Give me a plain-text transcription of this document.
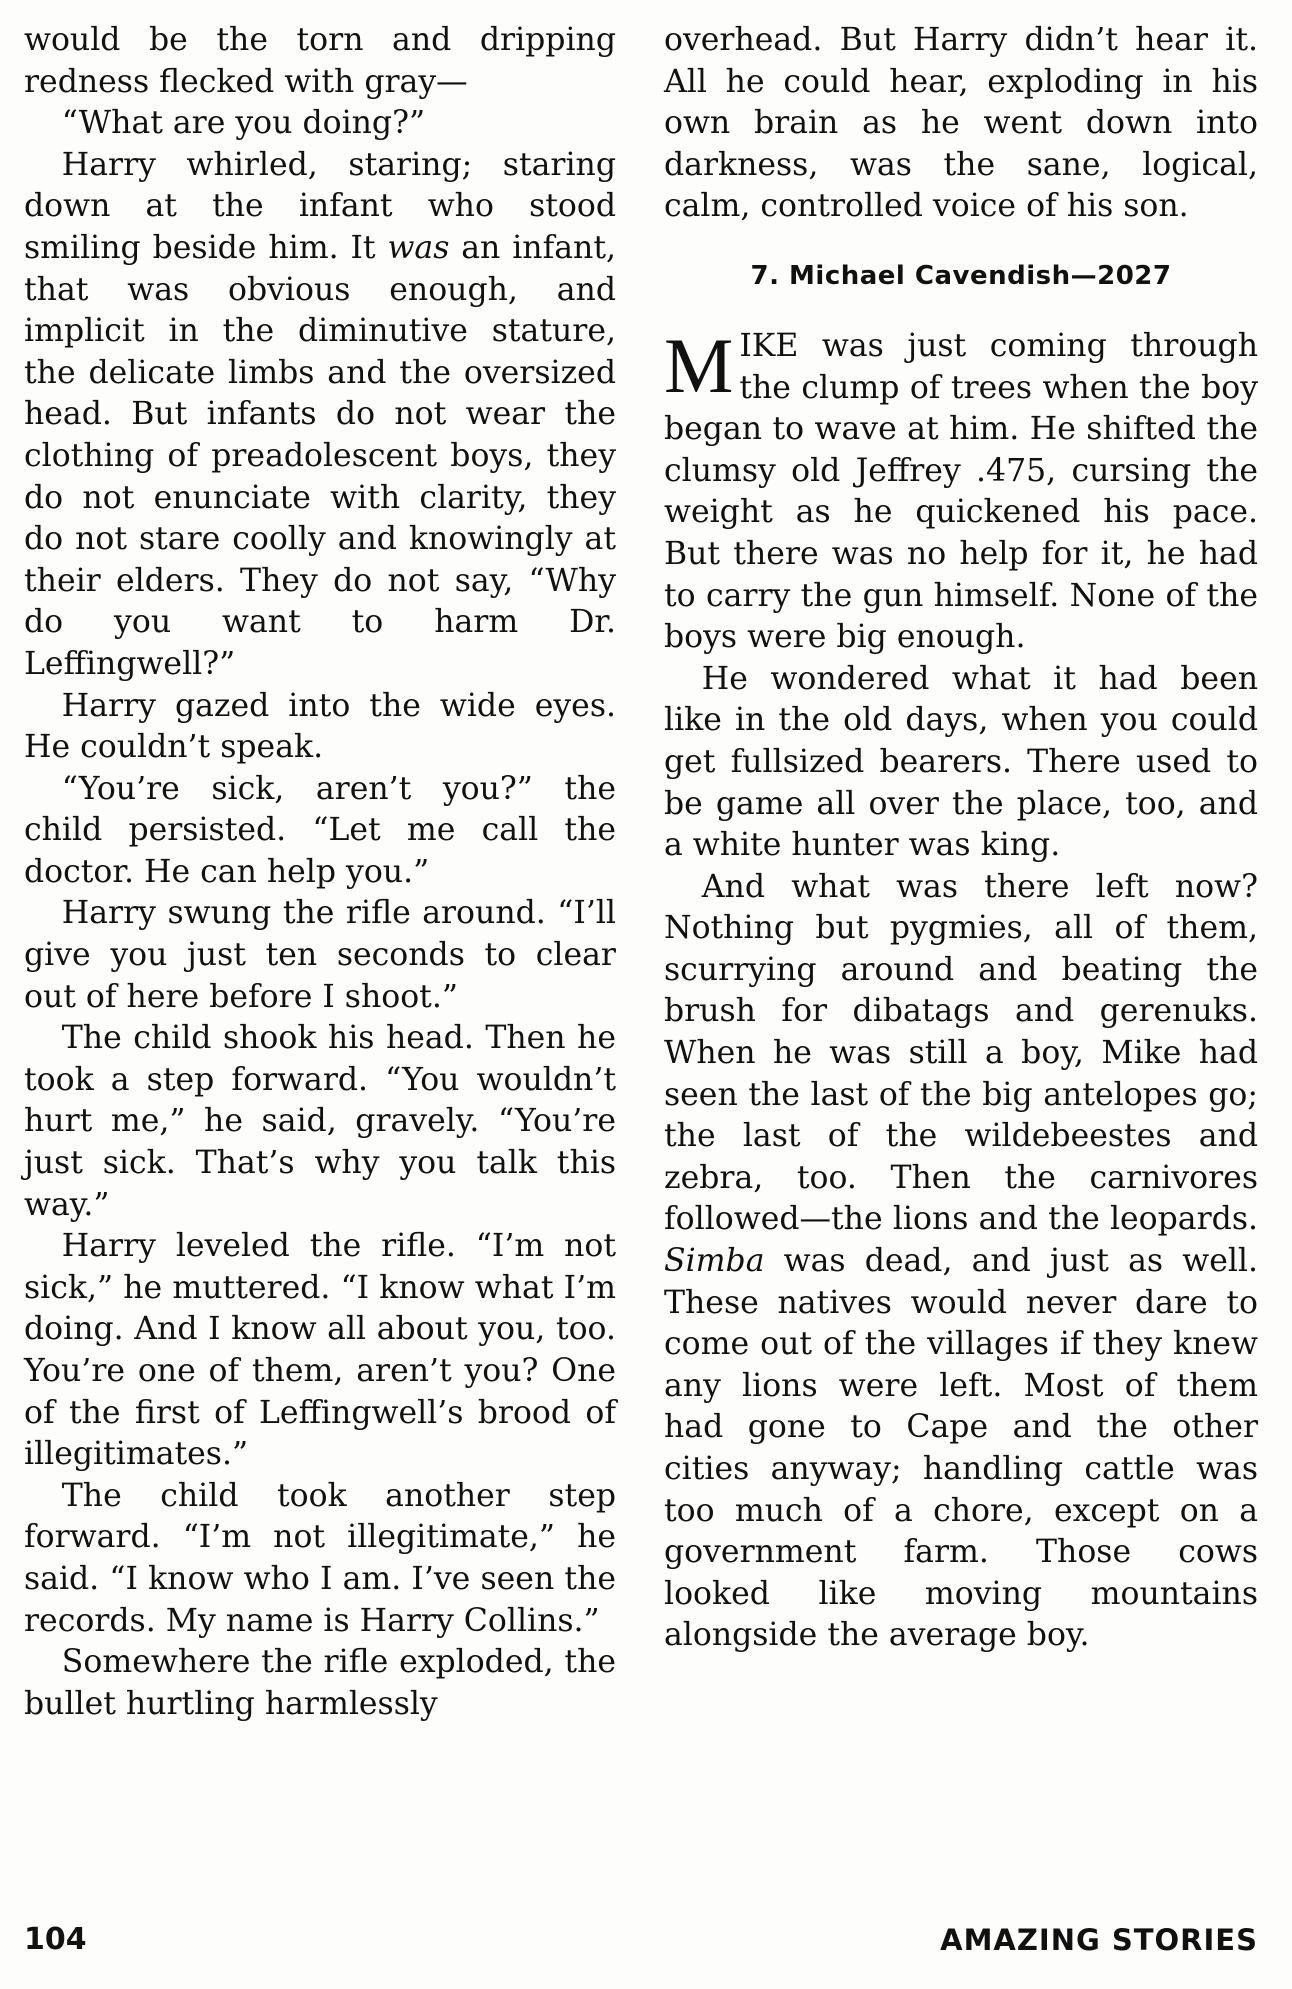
would be the torn and dripping redness flecked with gray—

“What are you doing?”

Harry whirled, staring; staring down at the infant who stood smiling beside him. It was an infant, that was obvious enough, and implicit in the diminutive stature, the delicate limbs and the oversized head. But infants do not wear the clothing of preadolescent boys, they do not enunciate with clarity, they do not stare coolly and knowingly at their elders. They do not say, “Why do you want to harm Dr. Leffingwell?”

Harry gazed into the wide eyes. He couldn’t speak.

“You’re sick, aren’t you?” the child persisted. “Let me call the doctor. He can help you.”

Harry swung the rifle around. “I’ll give you just ten seconds to clear out of here before I shoot.”

The child shook his head. Then he took a step forward. “You wouldn’t hurt me,” he said, gravely. “You’re just sick. That’s why you talk this way.”

Harry leveled the rifle. “I’m not sick,” he muttered. “I know what I’m doing. And I know all about you, too. You’re one of them, aren’t you? One of the first of Leffingwell’s brood of illegitimates.”

The child took another step forward. “I’m not illegitimate,” he said. “I know who I am. I’ve seen the records. My name is Harry Collins.”

Somewhere the rifle exploded, the bullet hurtling harmlessly

overhead. But Harry didn’t hear it. All he could hear, exploding in his own brain as he went down into darkness, was the sane, logical, calm, controlled voice of his son.

7. Michael Cavendish—2027

MIKE was just coming through the clump of trees when the boy began to wave at him. He shifted the clumsy old Jeffrey .475, cursing the weight as he quickened his pace. But there was no help for it, he had to carry the gun himself. None of the boys were big enough.

He wondered what it had been like in the old days, when you could get fullsized bearers. There used to be game all over the place, too, and a white hunter was king.

And what was there left now? Nothing but pygmies, all of them, scurrying around and beating the brush for dibatags and gerenuks. When he was still a boy, Mike had seen the last of the big antelopes go; the last of the wildebeestes and zebra, too. Then the carnivores followed—the lions and the leopards. Simba was dead, and just as well. These natives would never dare to come out of the villages if they knew any lions were left. Most of them had gone to Cape and the other cities anyway; handling cattle was too much of a chore, except on a government farm. Those cows looked like moving mountains alongside the average boy.

104	AMAZING STORIES
